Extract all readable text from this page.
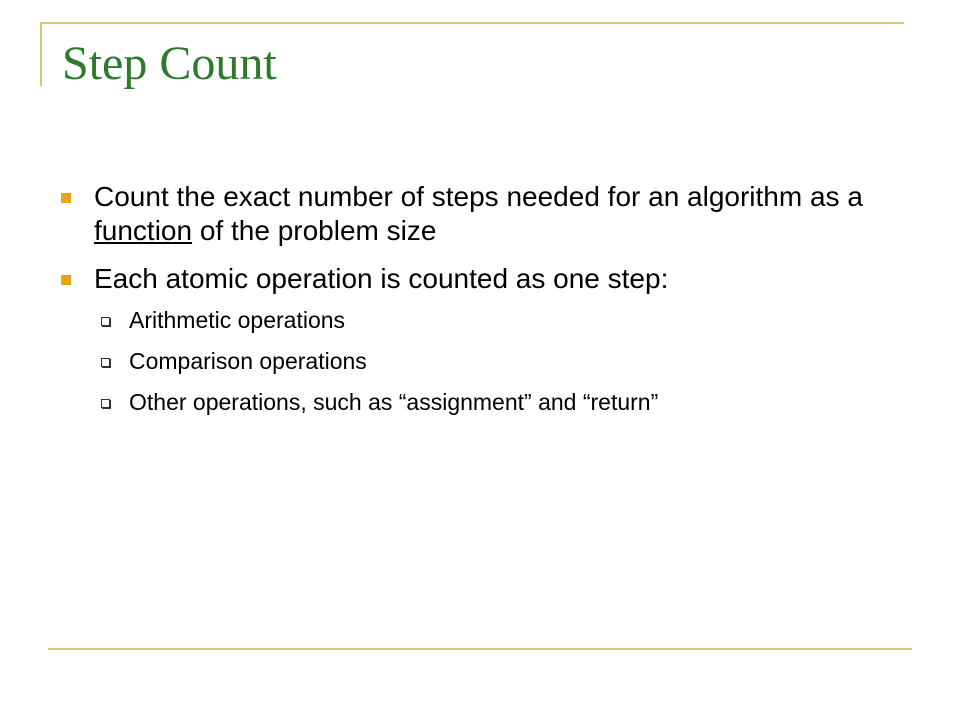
Step Count
Count the exact number of steps needed for an algorithm as a function of the problem size
Each atomic operation is counted as one step:
Arithmetic operations
Comparison operations
Other operations, such as “assignment” and “return”
